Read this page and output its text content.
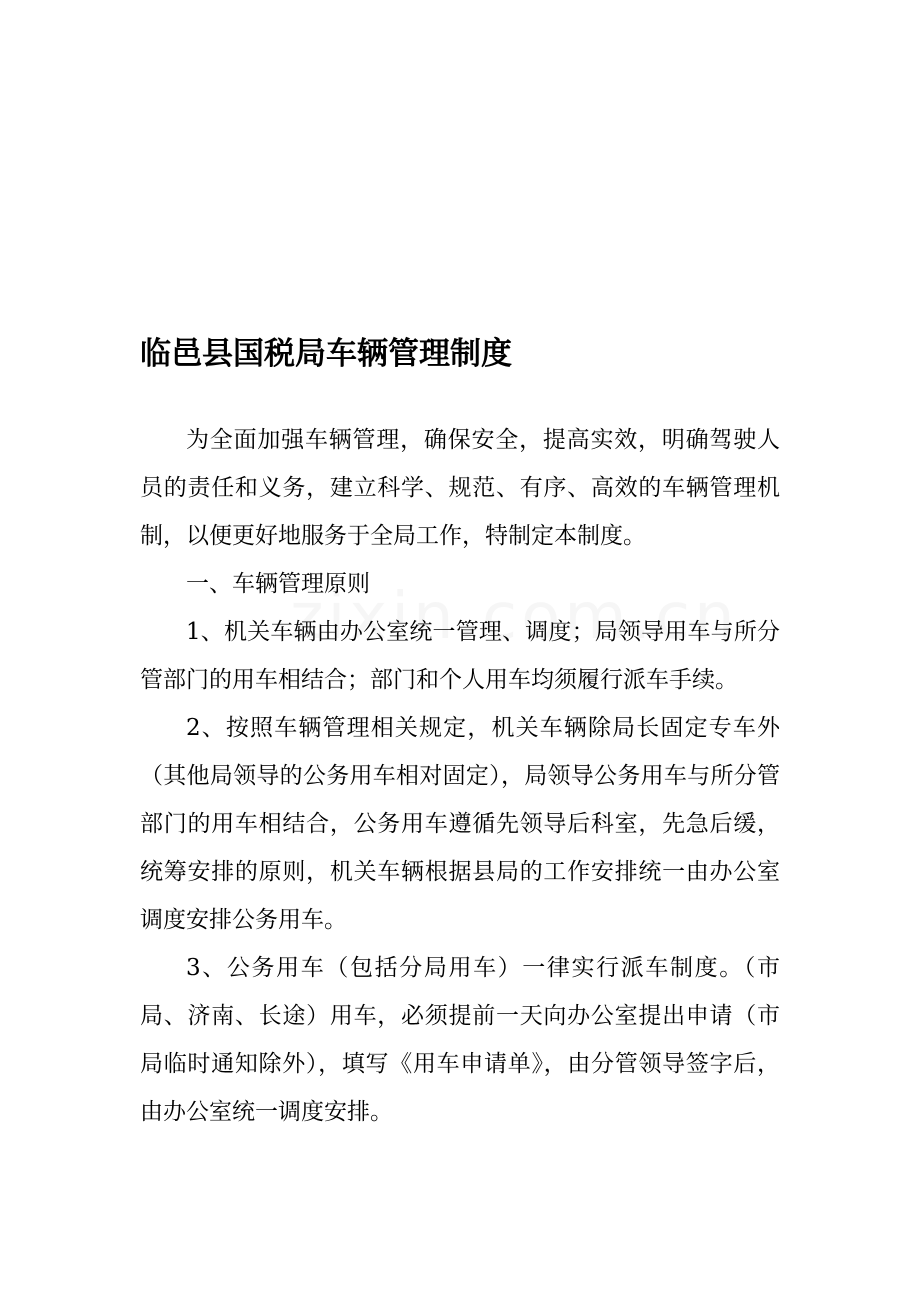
临邑县国税局车辆管理制度

为全面加强车辆管理，确保安全，提高实效，明确驾驶人员的责任和义务，建立科学、规范、有序、高效的车辆管理机制，以便更好地服务于全局工作，特制定本制度。

一、车辆管理原则

1、机关车辆由办公室统一管理、调度；局领导用车与所分管部门的用车相结合；部门和个人用车均须履行派车手续。

2、按照车辆管理相关规定，机关车辆除局长固定专车外（其他局领导的公务用车相对固定），局领导公务用车与所分管部门的用车相结合，公务用车遵循先领导后科室，先急后缓，统筹安排的原则，机关车辆根据县局的工作安排统一由办公室调度安排公务用车。

3、公务用车（包括分局用车）一律实行派车制度。（市局、济南、长途）用车，必须提前一天向办公室提出申请（市局临时通知除外），填写《用车申请单》，由分管领导签字后，由办公室统一调度安排。
